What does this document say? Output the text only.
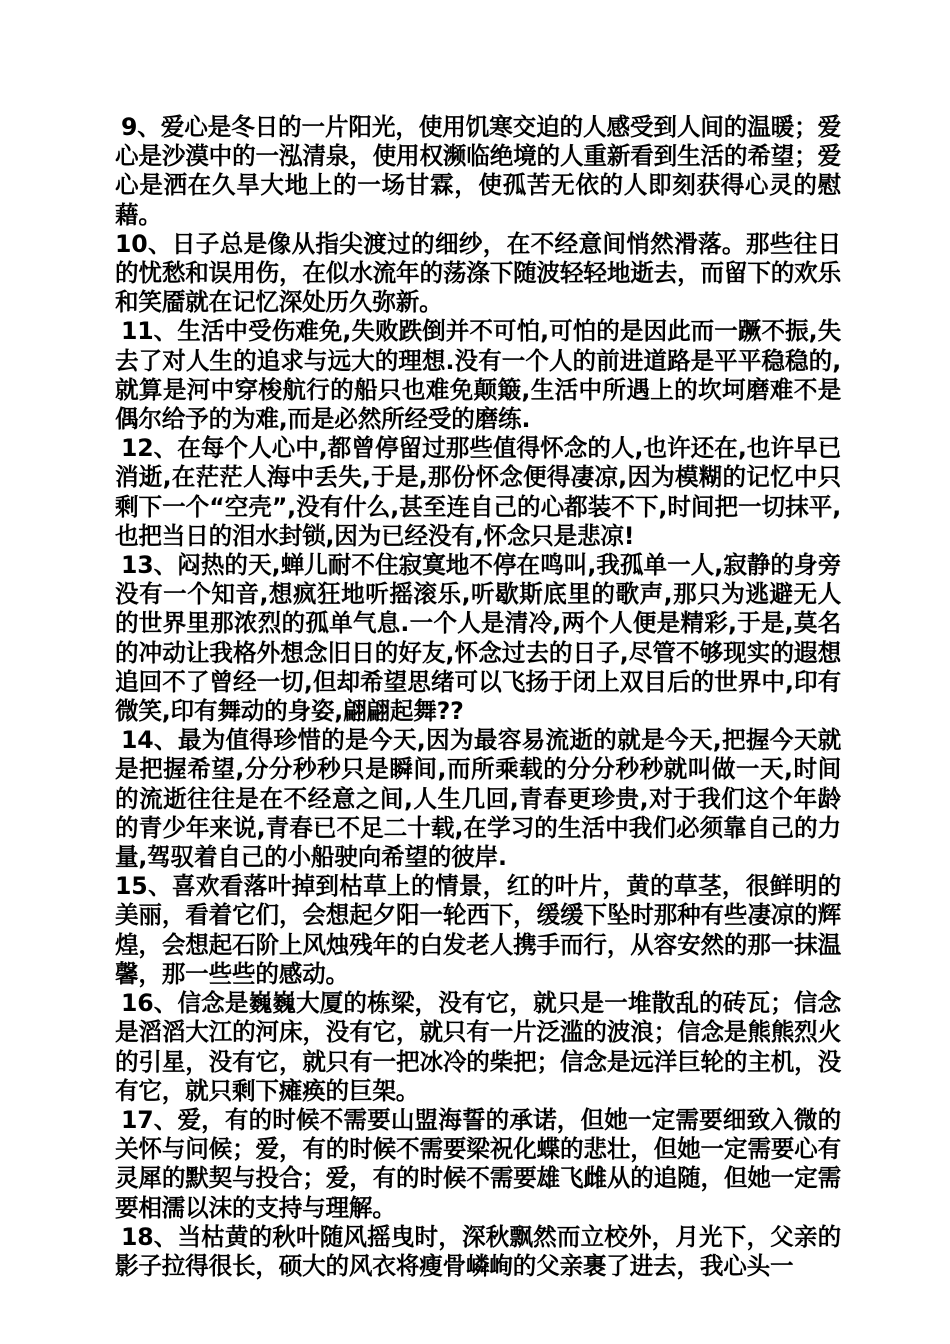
9、爱心是冬日的一片阳光，使用饥寒交迫的人感受到人间的温暖；爱心是沙漠中的一泓清泉，使用权濒临绝境的人重新看到生活的希望；爱心是洒在久旱大地上的一场甘霖，使孤苦无依的人即刻获得心灵的慰藉。

10、日子总是像从指尖渡过的细纱，在不经意间悄然滑落。那些往日的忧愁和误用伤，在似水流年的荡涤下随波轻轻地逝去，而留下的欢乐和笑靥就在记忆深处历久弥新。

11、生活中受伤难免,失败跌倒并不可怕,可怕的是因此而一蹶不振,失去了对人生的追求与远大的理想.没有一个人的前进道路是平平稳稳的,就算是河中穿梭航行的船只也难免颠簸,生活中所遇上的坎坷磨难不是偶尔给予的为难,而是必然所经受的磨练.

12、在每个人心中,都曾停留过那些值得怀念的人,也许还在,也许早已消逝,在茫茫人海中丢失,于是,那份怀念便得凄凉,因为模糊的记忆中只剩下一个“空壳”,没有什么,甚至连自己的心都装不下,时间把一切抹平,也把当日的泪水封锁,因为已经没有,怀念只是悲凉!

13、闷热的天,蝉儿耐不住寂寞地不停在鸣叫,我孤单一人,寂静的身旁没有一个知音,想疯狂地听摇滚乐,听歇斯底里的歌声,那只为逃避无人的世界里那浓烈的孤单气息.一个人是清冷,两个人便是精彩,于是,莫名的冲动让我格外想念旧日的好友,怀念过去的日子,尽管不够现实的遐想追回不了曾经一切,但却希望思绪可以飞扬于闭上双目后的世界中,印有微笑,印有舞动的身姿,翩翩起舞??

14、最为值得珍惜的是今天,因为最容易流逝的就是今天,把握今天就是把握希望,分分秒秒只是瞬间,而所乘载的分分秒秒就叫做一天,时间的流逝往往是在不经意之间,人生几回,青春更珍贵,对于我们这个年龄的青少年来说,青春已不足二十载,在学习的生活中我们必须靠自己的力量,驾驭着自己的小船驶向希望的彼岸.

15、喜欢看落叶掉到枯草上的情景，红的叶片，黄的草茎，很鲜明的美丽，看着它们，会想起夕阳一轮西下，缓缓下坠时那种有些凄凉的辉煌，会想起石阶上风烛残年的白发老人携手而行，从容安然的那一抹温馨，那一些些的感动。

16、信念是巍巍大厦的栋梁，没有它，就只是一堆散乱的砖瓦；信念是滔滔大江的河床，没有它，就只有一片泛滥的波浪；信念是熊熊烈火的引星，没有它，就只有一把冰冷的柴把；信念是远洋巨轮的主机，没有它，就只剩下瘫痪的巨架。

17、爱，有的时候不需要山盟海誓的承诺，但她一定需要细致入微的关怀与问候；爱，有的时候不需要梁祝化蝶的悲壮，但她一定需要心有灵犀的默契与投合；爱，有的时候不需要雄飞雌从的追随，但她一定需要相濡以沫的支持与理解。

18、当枯黄的秋叶随风摇曳时，深秋飘然而立校外，月光下，父亲的影子拉得很长，硕大的风衣将瘦骨嶙峋的父亲裹了进去，我心头一
